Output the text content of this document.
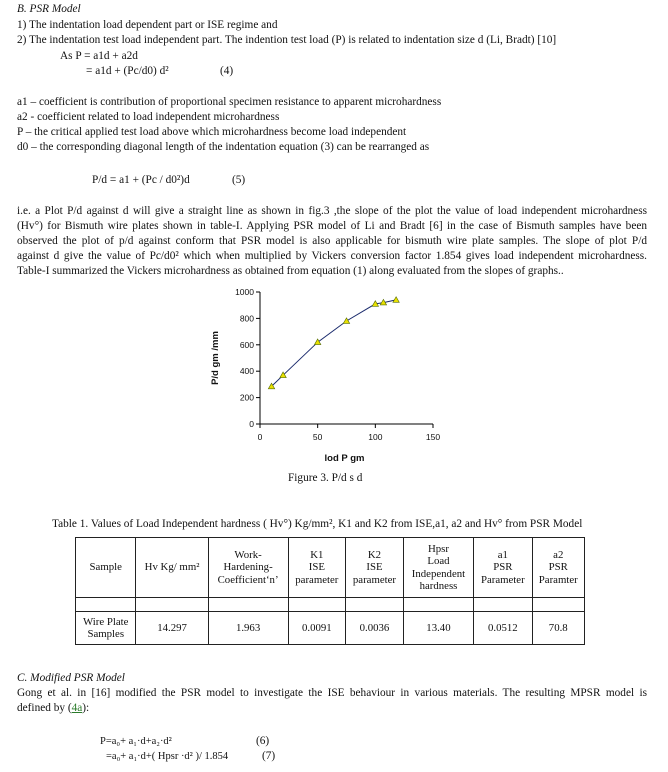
B. PSR Model
1) The indentation load dependent part or ISE regime and
2) The indentation test load independent part. The indention test load (P) is related to indentation size d (Li, Bradt) [10]
As P = a1d + a2d
= a1d + (Pc/d0) d²	(4)
a1 – coefficient is contribution of proportional specimen resistance to apparent microhardness
a2 - coefficient related to load independent microhardness
P – the critical applied test load above which microhardness become load independent
d0 – the corresponding diagonal length of the indentation equation (3) can be rearranged as
P/d = a1 + (Pc / d0²)d	(5)
i.e. a Plot P/d against d will give a straight line as shown in fig.3 ,the slope of the plot the value of load independent microhardness
(Hv°) for Bismuth wire plates shown in table-I. Applying PSR model of Li and Bradt [6] in the case of Bismuth samples have been
observed the plot of p/d against conform that PSR model is also applicable for bismuth wire plate samples. The slope of plot P/d
against d give the value of Pc/d0² which when multiplied by Vickers conversion factor 1.854 gives load independent microhardness.
Table-I summarized the Vickers microhardness as obtained from equation (1) along evaluated from the slopes of graphs..
0
200
400
600
800
1000
0	50	100	150
lod P gm
P/d gm /mm
Figure 3. P/d s d
Table 1. Values of Load Independent hardness ( Hv°) Kg/mm², K1 and K2 from ISE,a1, a2 and Hv° from PSR Model
Sample	Hv Kg/ mm²	Work-
Hardening-
Coefficient‘n’	K1
ISE
parameter	K2
ISE
parameter	Hpsr
Load
Independent
hardness	a1
PSR
Parameter	a2
PSR
Paramter

Wire Plate
Samples	14.297	1.963	0.0091	0.0036	13.40	0.0512	70.8
C. Modified PSR Model
Gong et al. in [16] modified the PSR model to investigate the ISE behaviour in various materials. The resulting MPSR model is
defined by (4a):
P=a₀+ a₁·d+a₂·d²	(6)
=a₀+ a₁·d+( Hpsr ·d² )/ 1.854	(7)
